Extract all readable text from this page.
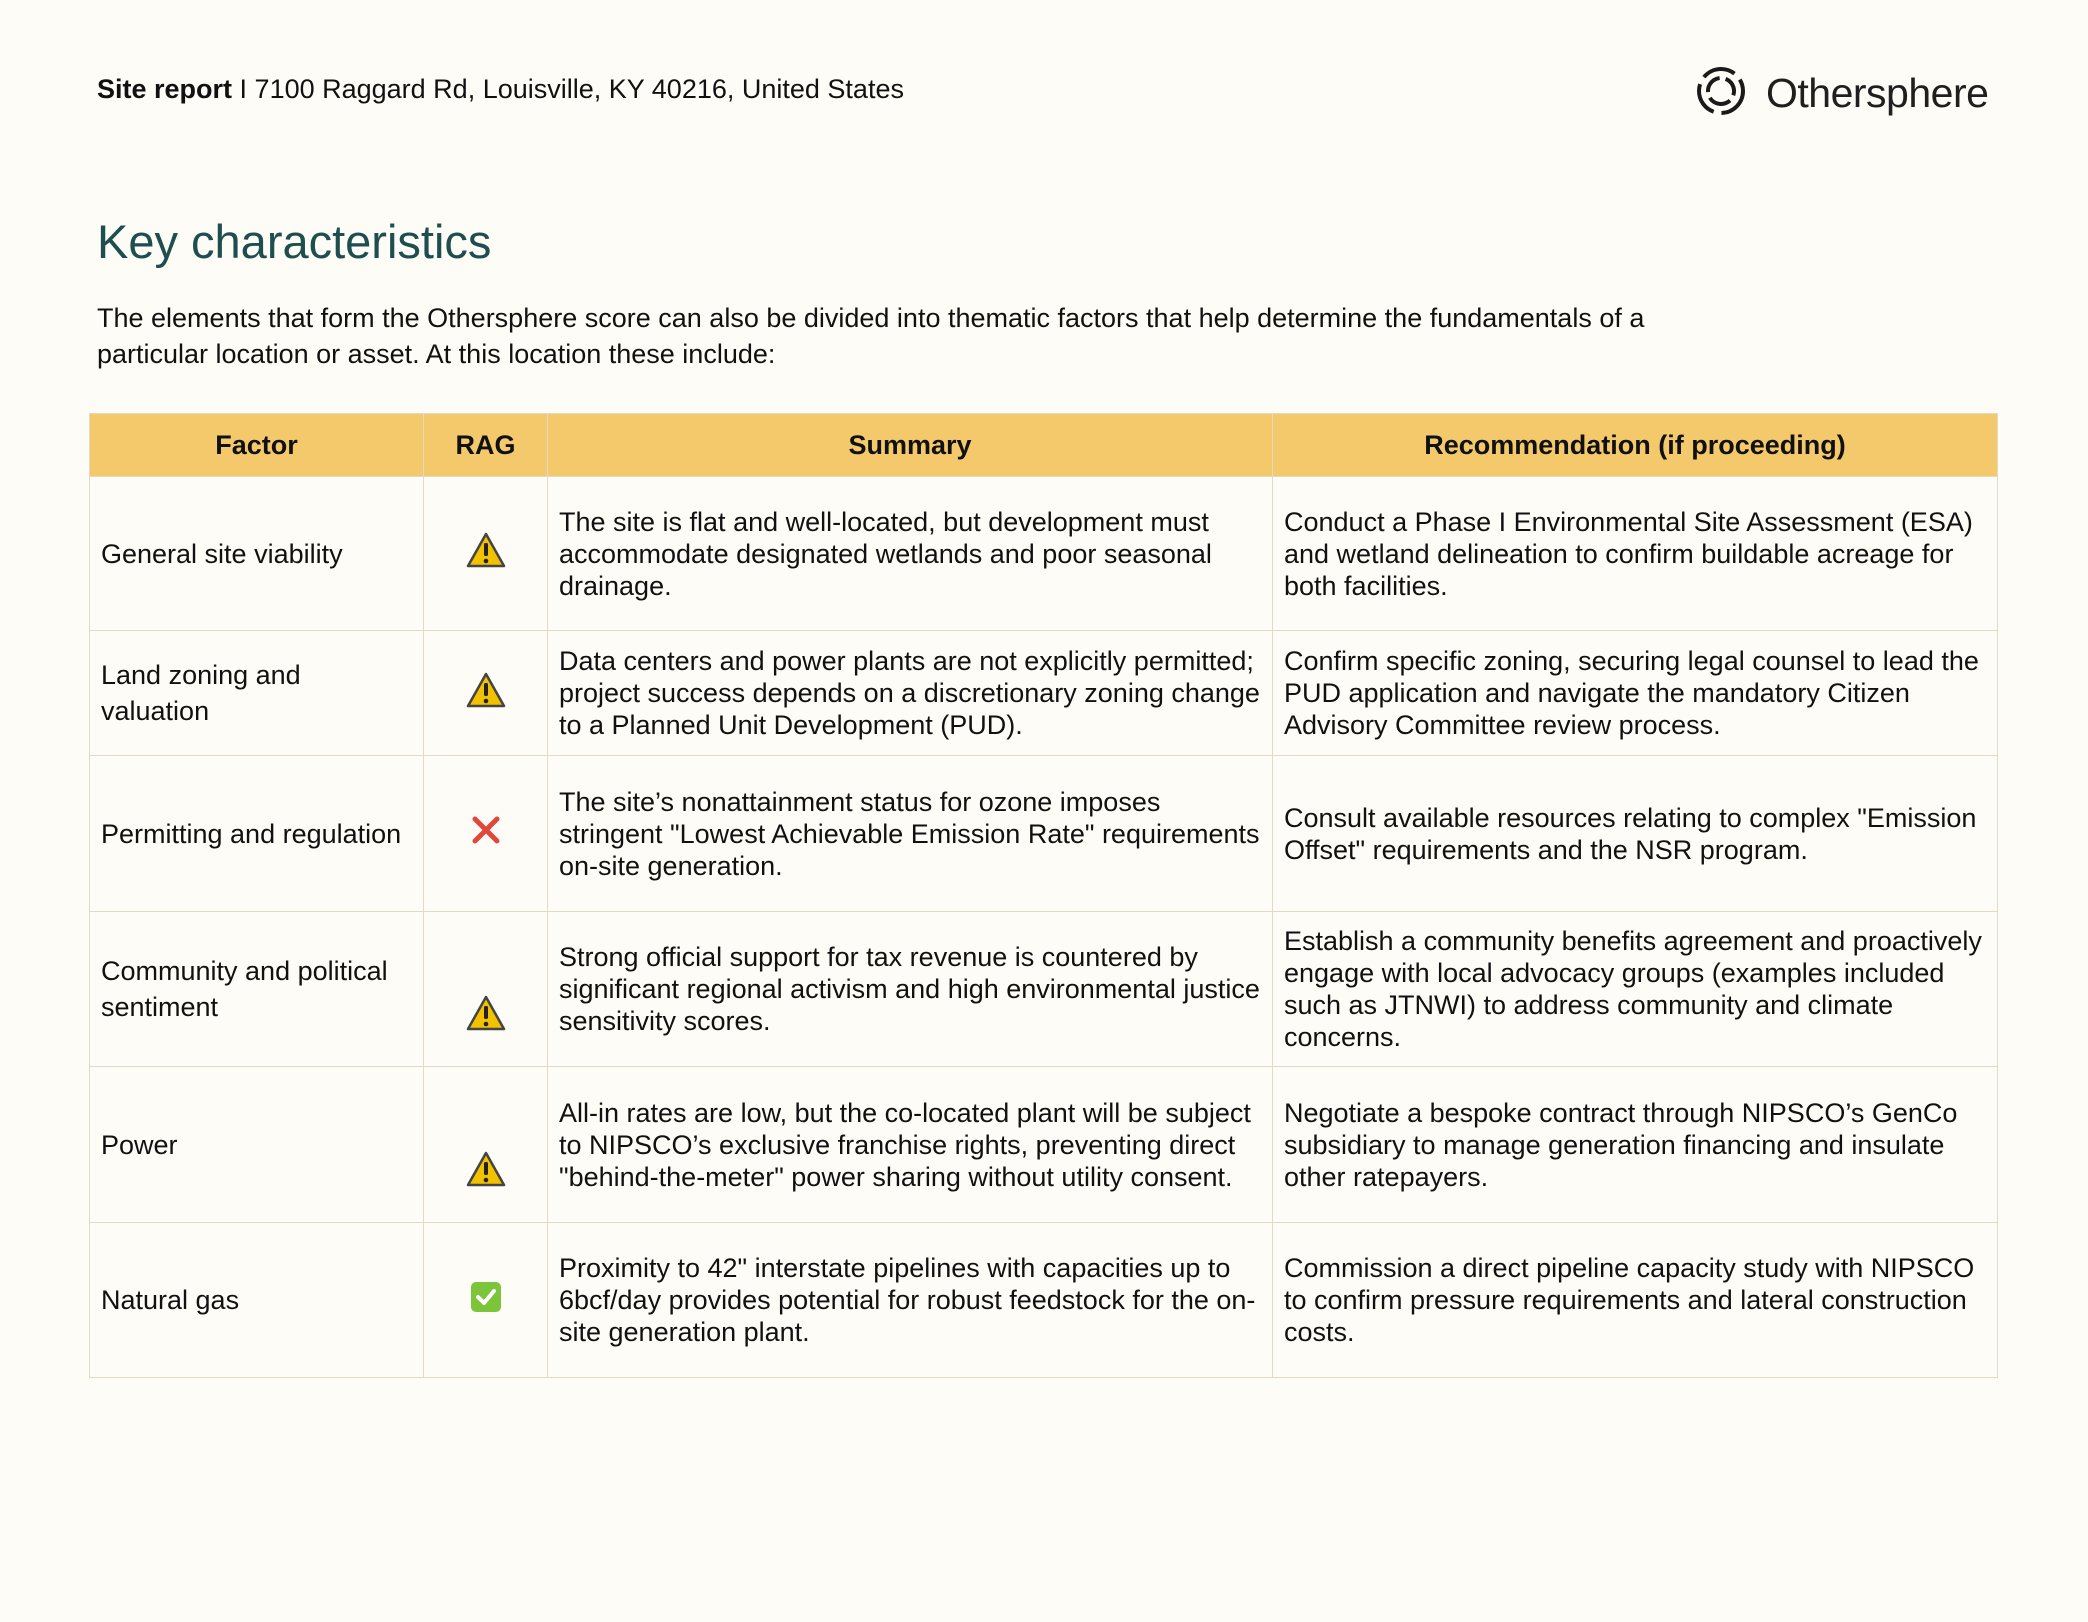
Site report I 7100 Raggard Rd, Louisville, KY 40216, United States	Othersphere
Key characteristics

The elements that form the Othersphere score can also be divided into thematic factors that help determine the fundamentals of a particular location or asset. At this location these include:

Factor	RAG	Summary	Recommendation (if proceeding)
General site viability		The site is flat and well-located, but development must accommodate designated wetlands and poor seasonal drainage.	Conduct a Phase I Environmental Site Assessment (ESA) and wetland delineation to confirm buildable acreage for both facilities.
Land zoning and valuation		Data centers and power plants are not explicitly permitted; project success depends on a discretionary zoning change to a Planned Unit Development (PUD).	Confirm specific zoning, securing legal counsel to lead the PUD application and navigate the mandatory Citizen Advisory Committee review process.
Permitting and regulation		The site’s nonattainment status for ozone imposes stringent "Lowest Achievable Emission Rate" requirements on-site generation.	Consult available resources relating to complex "Emission Offset" requirements and the NSR program.
Community and political sentiment		Strong official support for tax revenue is countered by significant regional activism and high environmental justice sensitivity scores.	Establish a community benefits agreement and proactively engage with local advocacy groups (examples included such as JTNWI) to address community and climate concerns.
Power		All-in rates are low, but the co-located plant will be subject to NIPSCO’s exclusive franchise rights, preventing direct "behind-the-meter" power sharing without utility consent.	Negotiate a bespoke contract through NIPSCO’s GenCo subsidiary to manage generation financing and insulate other ratepayers.
Natural gas		Proximity to 42" interstate pipelines with capacities up to 6bcf/day provides potential for robust feedstock for the on-site generation plant.	Commission a direct pipeline capacity study with NIPSCO to confirm pressure requirements and lateral construction costs.
